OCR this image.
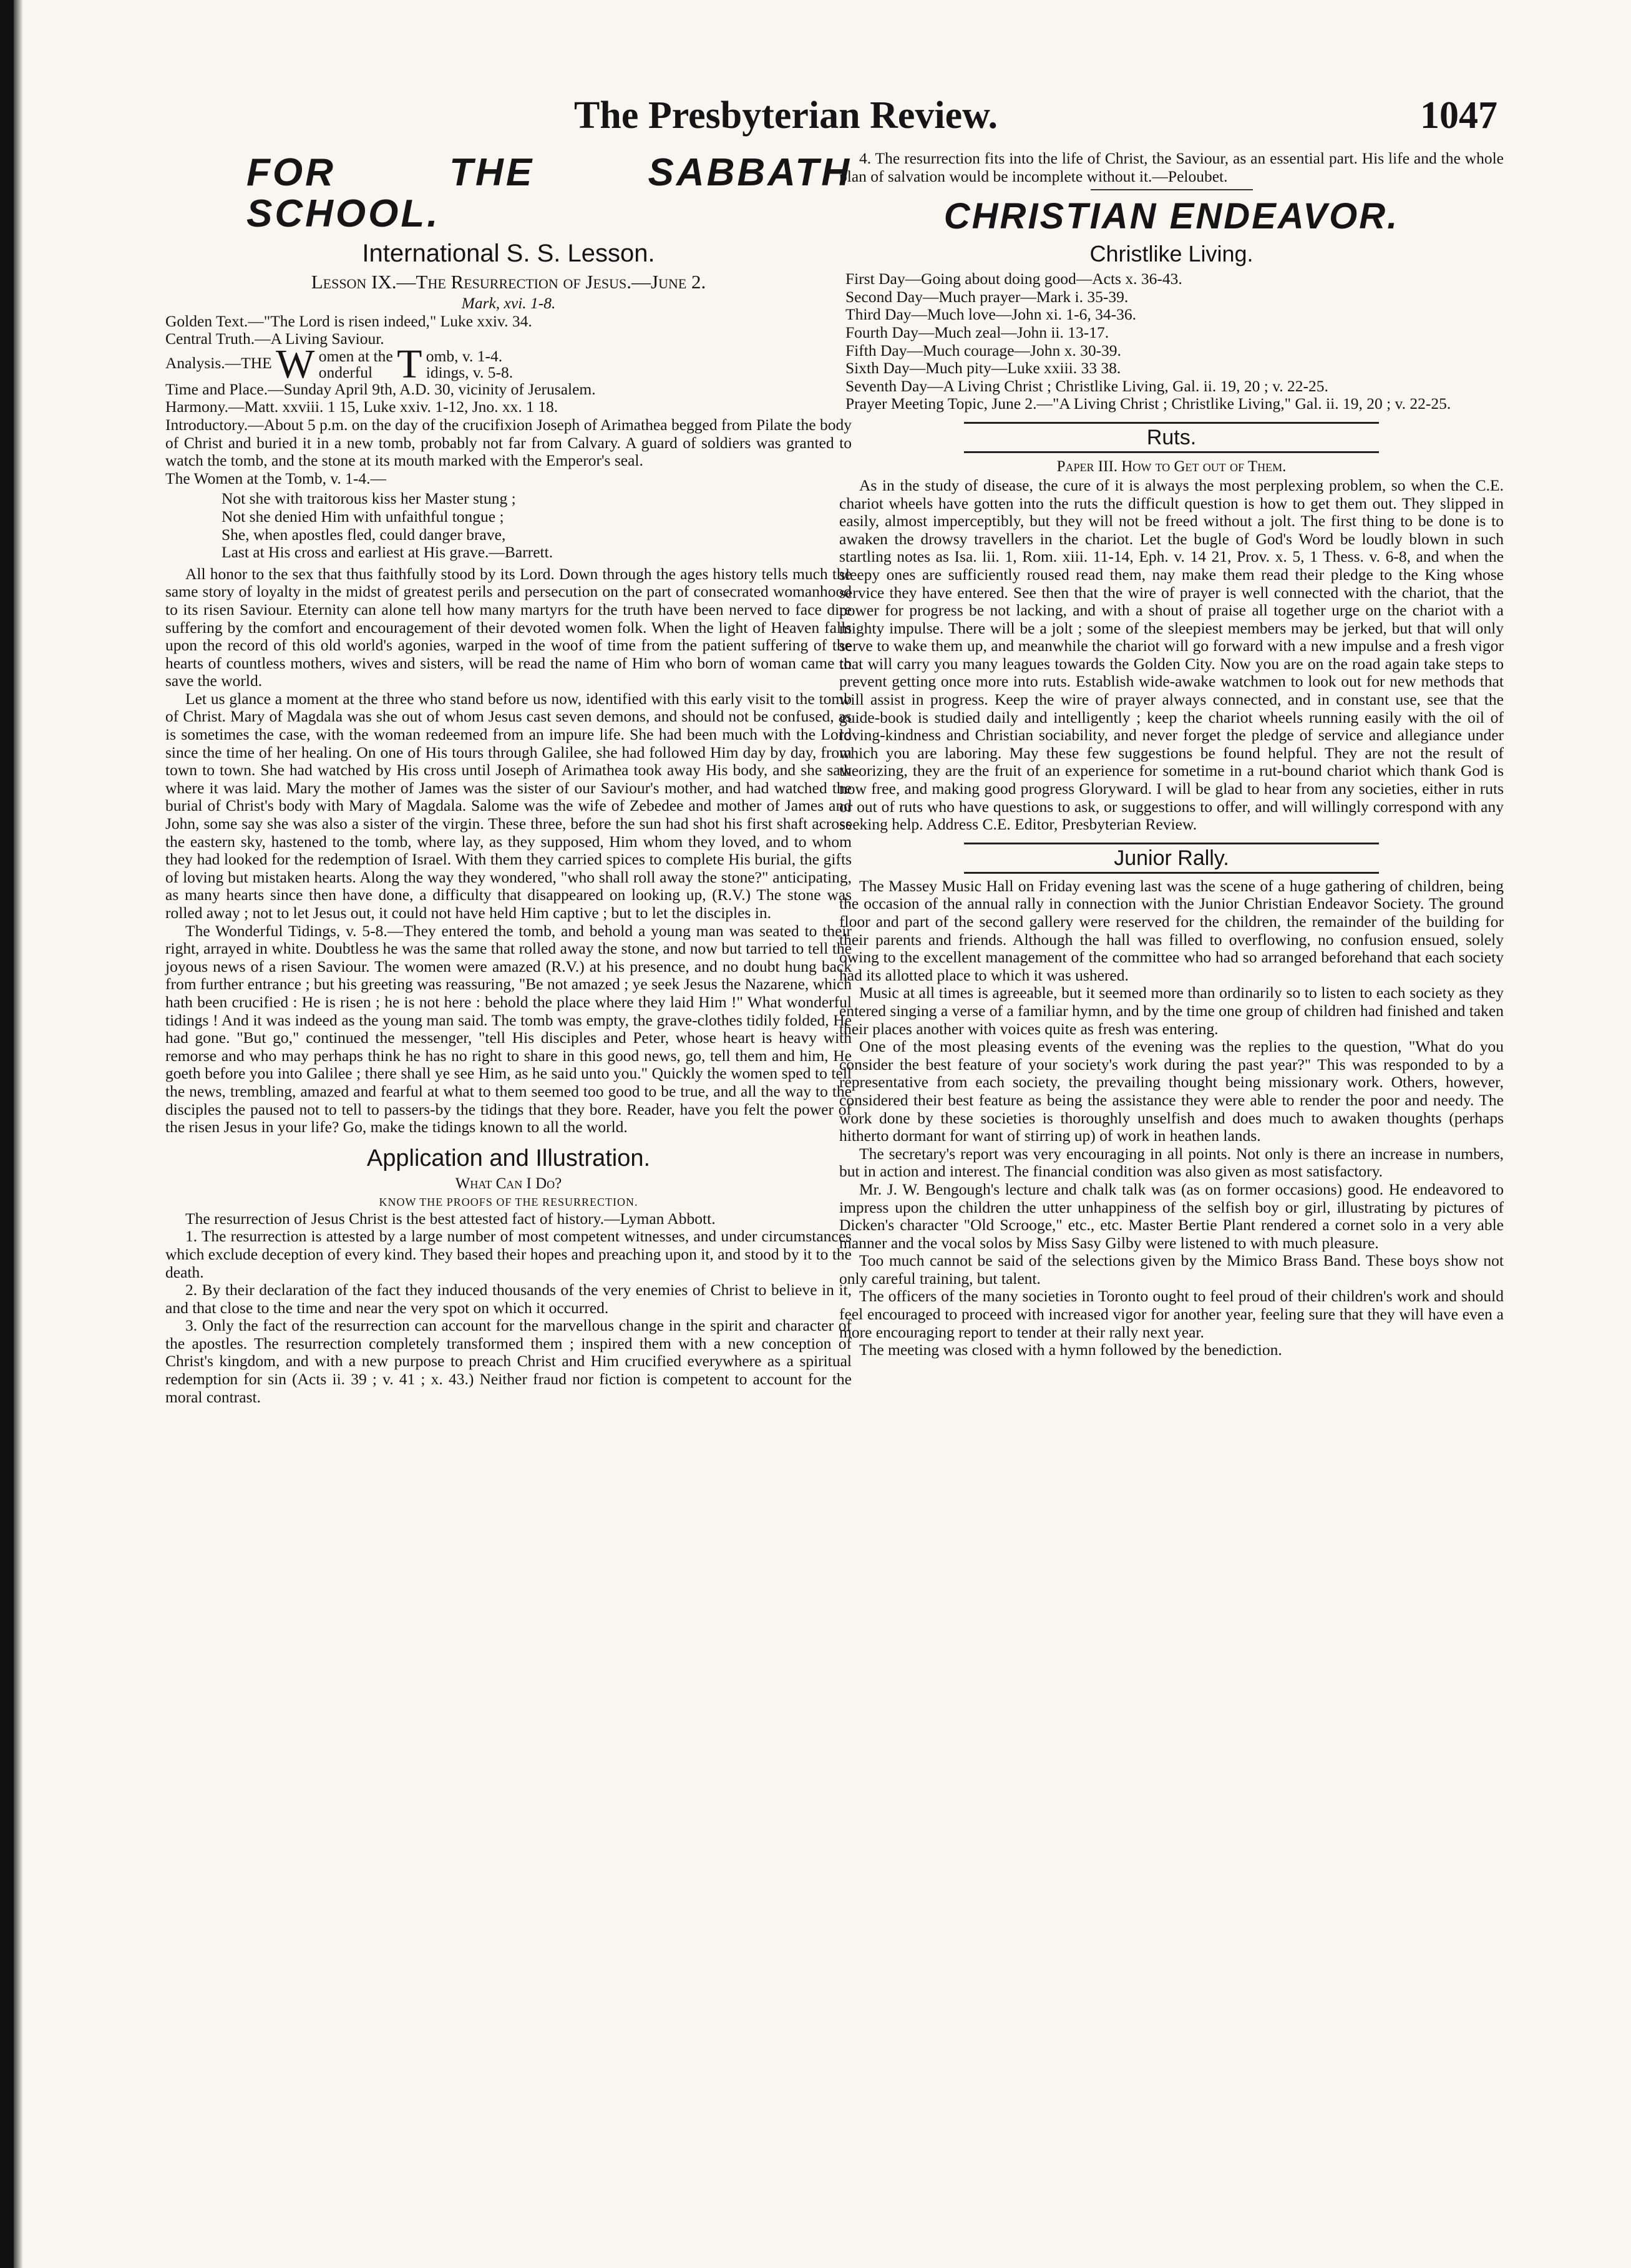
The Presbyterian Review.	1047
FOR THE SABBATH SCHOOL.
International S. S. Lesson.
Lesson IX.—The Resurrection of Jesus.—June 2.
Mark, xvi. 1-8.

Golden Text.—"The Lord is risen indeed," Luke xxiv. 34.

Central Truth.—A Living Saviour.

Analysis.—THE W omen at the
onderful T omb, v. 1-4.
idings, v. 5-8.

Time and Place.—Sunday April 9th, A.D. 30, vicinity of Jerusalem.

Harmony.—Matt. xxviii. 1 15, Luke xxiv. 1-12, Jno. xx. 1 18.

Introductory.—About 5 p.m. on the day of the crucifixion Joseph of Arimathea begged from Pilate the body of Christ and buried it in a new tomb, probably not far from Calvary. A guard of soldiers was granted to watch the tomb, and the stone at its mouth marked with the Emperor's seal.

The Women at the Tomb, v. 1-4.—

Not she with traitorous kiss her Master stung ;
Not she denied Him with unfaithful tongue ;
She, when apostles fled, could danger brave,
Last at His cross and earliest at His grave.—Barrett.

All honor to the sex that thus faithfully stood by its Lord. Down through the ages history tells much the same story of loyalty in the midst of greatest perils and persecution on the part of consecrated womanhood to its risen Saviour. Eternity can alone tell how many martyrs for the truth have been nerved to face dire suffering by the comfort and encouragement of their devoted women folk. When the light of Heaven falls upon the record of this old world's agonies, warped in the woof of time from the patient suffering of the hearts of countless mothers, wives and sisters, will be read the name of Him who born of woman came to save the world.

Let us glance a moment at the three who stand before us now, identified with this early visit to the tomb of Christ. Mary of Magdala was she out of whom Jesus cast seven demons, and should not be confused, as is sometimes the case, with the woman redeemed from an impure life. She had been much with the Lord since the time of her healing. On one of His tours through Galilee, she had followed Him day by day, from town to town. She had watched by His cross until Joseph of Arimathea took away His body, and she saw where it was laid. Mary the mother of James was the sister of our Saviour's mother, and had watched the burial of Christ's body with Mary of Magdala. Salome was the wife of Zebedee and mother of James and John, some say she was also a sister of the virgin. These three, before the sun had shot his first shaft across the eastern sky, hastened to the tomb, where lay, as they supposed, Him whom they loved, and to whom they had looked for the redemption of Israel. With them they carried spices to complete His burial, the gifts of loving but mistaken hearts. Along the way they wondered, "who shall roll away the stone?" anticipating, as many hearts since then have done, a difficulty that disappeared on looking up, (R.V.) The stone was rolled away ; not to let Jesus out, it could not have held Him captive ; but to let the disciples in.

The Wonderful Tidings, v. 5-8.—They entered the tomb, and behold a young man was seated to their right, arrayed in white. Doubtless he was the same that rolled away the stone, and now but tarried to tell the joyous news of a risen Saviour. The women were amazed (R.V.) at his presence, and no doubt hung back from further entrance ; but his greeting was reassuring, "Be not amazed ; ye seek Jesus the Nazarene, which hath been crucified : He is risen ; he is not here : behold the place where they laid Him !" What wonderful tidings ! And it was indeed as the young man said. The tomb was empty, the grave-clothes tidily folded, He had gone. "But go," continued the messenger, "tell His disciples and Peter, whose heart is heavy with remorse and who may perhaps think he has no right to share in this good news, go, tell them and him, He goeth before you into Galilee ; there shall ye see Him, as he said unto you." Quickly the women sped to tell the news, trembling, amazed and fearful at what to them seemed too good to be true, and all the way to the disciples the paused not to tell to passers-by the tidings that they bore. Reader, have you felt the power of the risen Jesus in your life? Go, make the tidings known to all the world.

Application and Illustration.
What Can I Do?
KNOW THE PROOFS OF THE RESURRECTION.

The resurrection of Jesus Christ is the best attested fact of history.—Lyman Abbott.

1. The resurrection is attested by a large number of most competent witnesses, and under circumstances which exclude deception of every kind. They based their hopes and preaching upon it, and stood by it to the death.

2. By their declaration of the fact they induced thousands of the very enemies of Christ to believe in it, and that close to the time and near the very spot on which it occurred.

3. Only the fact of the resurrection can account for the marvellous change in the spirit and character of the apostles. The resurrection completely transformed them ; inspired them with a new conception of Christ's kingdom, and with a new purpose to preach Christ and Him crucified everywhere as a spiritual redemption for sin (Acts ii. 39 ; v. 41 ; x. 43.) Neither fraud nor fiction is competent to account for the moral contrast.

4. The resurrection fits into the life of Christ, the Saviour, as an essential part. His life and the whole plan of salvation would be incomplete without it.—Peloubet.

CHRISTIAN ENDEAVOR.
Christlike Living.
First Day—Going about doing good—Acts x. 36-43.
Second Day—Much prayer—Mark i. 35-39.
Third Day—Much love—John xi. 1-6, 34-36.
Fourth Day—Much zeal—John ii. 13-17.
Fifth Day—Much courage—John x. 30-39.
Sixth Day—Much pity—Luke xxiii. 33 38.
Seventh Day—A Living Christ ; Christlike Living, Gal. ii. 19, 20 ; v. 22-25.

Prayer Meeting Topic, June 2.—"A Living Christ ; Christlike Living," Gal. ii. 19, 20 ; v. 22-25.

Ruts.
Paper III. How to Get out of Them.

As in the study of disease, the cure of it is always the most perplexing problem, so when the C.E. chariot wheels have gotten into the ruts the difficult question is how to get them out. They slipped in easily, almost imperceptibly, but they will not be freed without a jolt. The first thing to be done is to awaken the drowsy travellers in the chariot. Let the bugle of God's Word be loudly blown in such startling notes as Isa. lii. 1, Rom. xiii. 11-14, Eph. v. 14 21, Prov. x. 5, 1 Thess. v. 6-8, and when the sleepy ones are sufficiently roused read them, nay make them read their pledge to the King whose service they have entered. See then that the wire of prayer is well connected with the chariot, that the power for progress be not lacking, and with a shout of praise all together urge on the chariot with a mighty impulse. There will be a jolt ; some of the sleepiest members may be jerked, but that will only serve to wake them up, and meanwhile the chariot will go forward with a new impulse and a fresh vigor that will carry you many leagues towards the Golden City. Now you are on the road again take steps to prevent getting once more into ruts. Establish wide-awake watchmen to look out for new methods that will assist in progress. Keep the wire of prayer always connected, and in constant use, see that the guide-book is studied daily and intelligently ; keep the chariot wheels running easily with the oil of loving-kindness and Christian sociability, and never forget the pledge of service and allegiance under which you are laboring. May these few suggestions be found helpful. They are not the result of theorizing, they are the fruit of an experience for sometime in a rut-bound chariot which thank God is now free, and making good progress Gloryward. I will be glad to hear from any societies, either in ruts or out of ruts who have questions to ask, or suggestions to offer, and will willingly correspond with any seeking help. Address C.E. Editor, Presbyterian Review.

Junior Rally.

The Massey Music Hall on Friday evening last was the scene of a huge gathering of children, being the occasion of the annual rally in connection with the Junior Christian Endeavor Society. The ground floor and part of the second gallery were reserved for the children, the remainder of the building for their parents and friends. Although the hall was filled to overflowing, no confusion ensued, solely owing to the excellent management of the committee who had so arranged beforehand that each society had its allotted place to which it was ushered.

Music at all times is agreeable, but it seemed more than ordinarily so to listen to each society as they entered singing a verse of a familiar hymn, and by the time one group of children had finished and taken their places another with voices quite as fresh was entering.

One of the most pleasing events of the evening was the replies to the question, "What do you consider the best feature of your society's work during the past year?" This was responded to by a representative from each society, the prevailing thought being missionary work. Others, however, considered their best feature as being the assistance they were able to render the poor and needy. The work done by these societies is thoroughly unselfish and does much to awaken thoughts (perhaps hitherto dormant for want of stirring up) of work in heathen lands.

The secretary's report was very encouraging in all points. Not only is there an increase in numbers, but in action and interest. The financial condition was also given as most satisfactory.

Mr. J. W. Bengough's lecture and chalk talk was (as on former occasions) good. He endeavored to impress upon the children the utter unhappiness of the selfish boy or girl, illustrating by pictures of Dicken's character "Old Scrooge," etc., etc. Master Bertie Plant rendered a cornet solo in a very able manner and the vocal solos by Miss Sasy Gilby were listened to with much pleasure.

Too much cannot be said of the selections given by the Mimico Brass Band. These boys show not only careful training, but talent.

The officers of the many societies in Toronto ought to feel proud of their children's work and should feel encouraged to proceed with increased vigor for another year, feeling sure that they will have even a more encouraging report to tender at their rally next year.

The meeting was closed with a hymn followed by the benediction.
